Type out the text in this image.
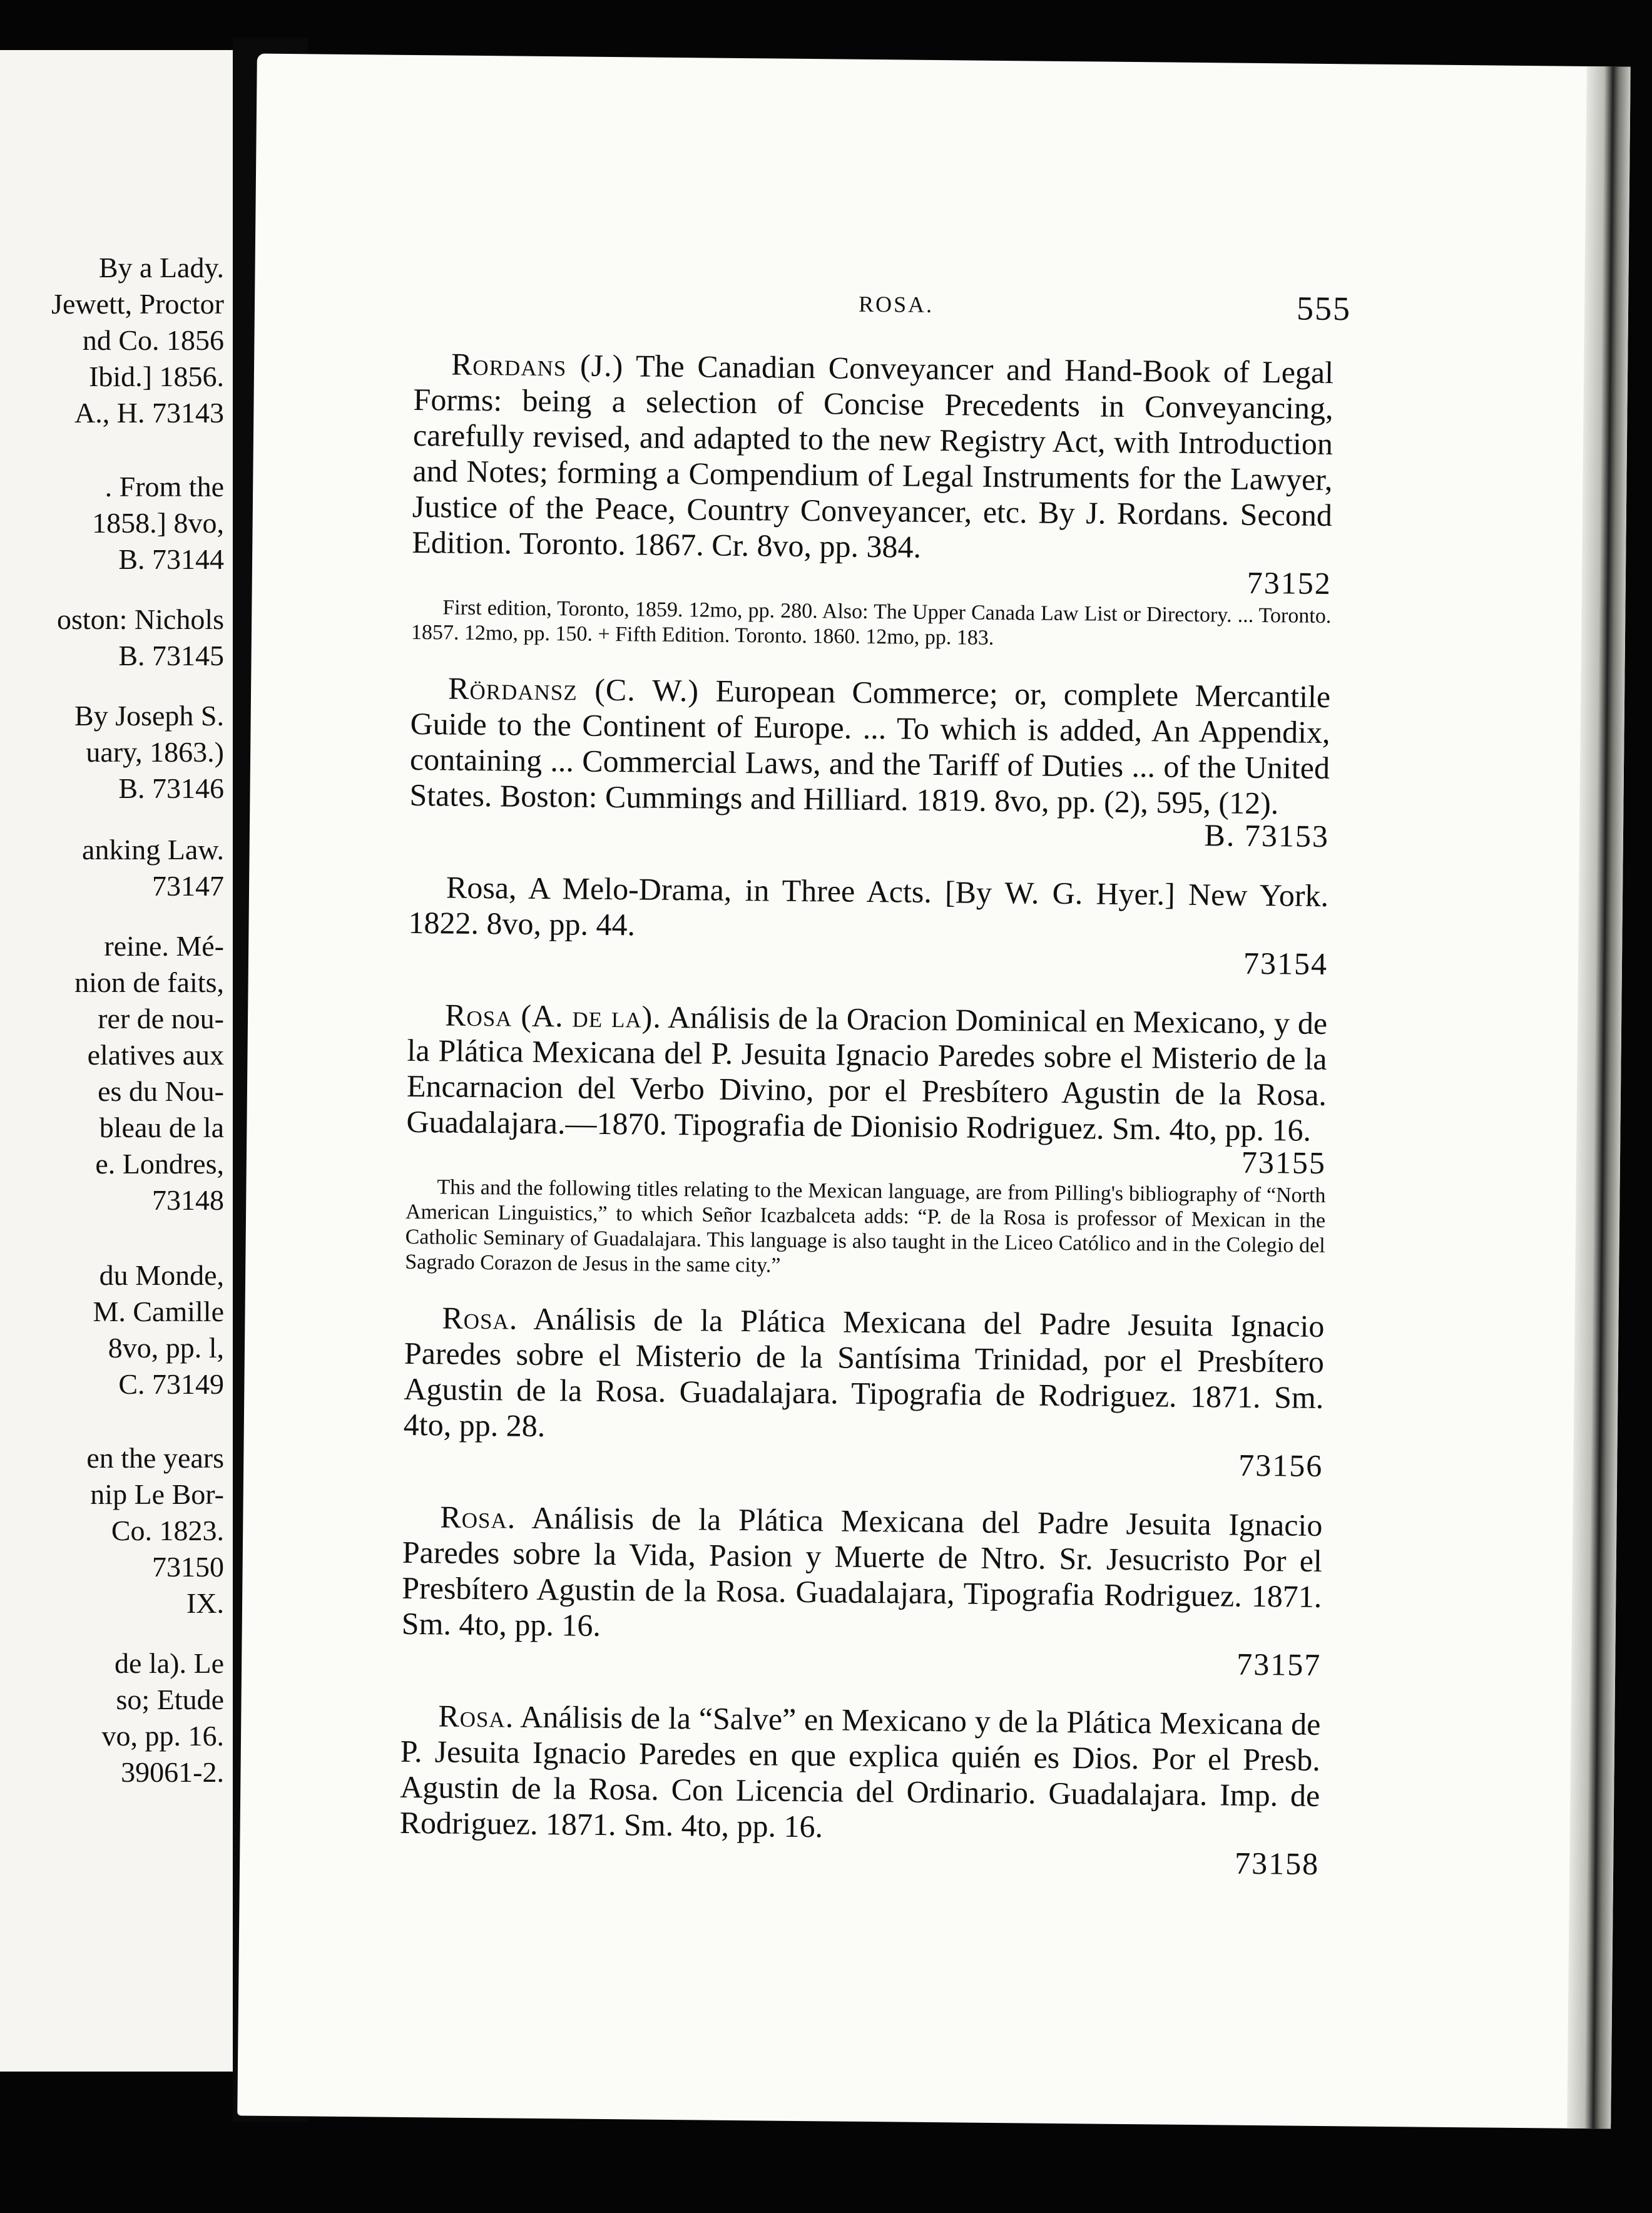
By a Lady.
Jewett, Proctor
nd Co. 1856
Ibid.] 1856.
A., H. 73143
. From the
1858.] 8vo,
B. 73144
oston: Nichols
B. 73145
By Joseph S.
uary, 1863.)
B. 73146
anking Law.
73147
reine. Mé-
nion de faits,
rer de nou-
elatives aux
es du Nou-
bleau de la
e. Londres,
73148
du Monde,
M. Camille
8vo, pp. l,
C. 73149
en the years
nip Le Bor-
Co. 1823.
73150
IX.
de la). Le
so; Etude
vo, pp. 16.
39061-2.
ROSA.	555

Rordans (J.) The Canadian Conveyancer and Hand-Book of Legal Forms: being a selection of Concise Precedents in Conveyancing, carefully revised, and adapted to the new Registry Act, with Introduction and Notes; forming a Compendium of Legal Instruments for the Lawyer, Justice of the Peace, Country Conveyancer, etc. By J. Rordans. Second Edition. Toronto. 1867. Cr. 8vo, pp. 384.

73152

First edition, Toronto, 1859. 12mo, pp. 280. Also: The Upper Canada Law List or Directory. ... Toronto. 1857. 12mo, pp. 150. + Fifth Edition. Toronto. 1860. 12mo, pp. 183.

Rördansz (C. W.) European Commerce; or, complete Mercantile Guide to the Continent of Europe. ... To which is added, An Appendix, containing ... Commercial Laws, and the Tariff of Duties ... of the United States. Boston: Cummings and Hilliard. 1819. 8vo, pp. (2), 595, (12).

B. 73153

Rosa, A Melo-Drama, in Three Acts. [By W. G. Hyer.] New York. 1822. 8vo, pp. 44.

73154

Rosa (A. de la). Análisis de la Oracion Dominical en Mexicano, y de la Plática Mexicana del P. Jesuita Ignacio Paredes sobre el Misterio de la Encarnacion del Verbo Divino, por el Presbítero Agustin de la Rosa. Guadalajara.—1870. Tipografia de Dionisio Rodriguez. Sm. 4to, pp. 16.

73155

This and the following titles relating to the Mexican language, are from Pilling's bibliography of “North American Linguistics,” to which Señor Icazbalceta adds: “P. de la Rosa is professor of Mexican in the Catholic Seminary of Guadalajara. This language is also taught in the Liceo Católico and in the Colegio del Sagrado Corazon de Jesus in the same city.”

Rosa. Análisis de la Plática Mexicana del Padre Jesuita Ignacio Paredes sobre el Misterio de la Santísima Trinidad, por el Presbítero Agustin de la Rosa. Guadalajara. Tipografia de Rodriguez. 1871. Sm. 4to, pp. 28.

73156

Rosa. Análisis de la Plática Mexicana del Padre Jesuita Ignacio Paredes sobre la Vida, Pasion y Muerte de Ntro. Sr. Jesucristo Por el Presbítero Agustin de la Rosa. Guadalajara, Tipografia Rodriguez. 1871. Sm. 4to, pp. 16.

73157

Rosa. Análisis de la “Salve” en Mexicano y de la Plática Mexicana de P. Jesuita Ignacio Paredes en que explica quién es Dios. Por el Presb. Agustin de la Rosa. Con Licencia del Ordinario. Guadalajara. Imp. de Rodriguez. 1871. Sm. 4to, pp. 16.

73158
